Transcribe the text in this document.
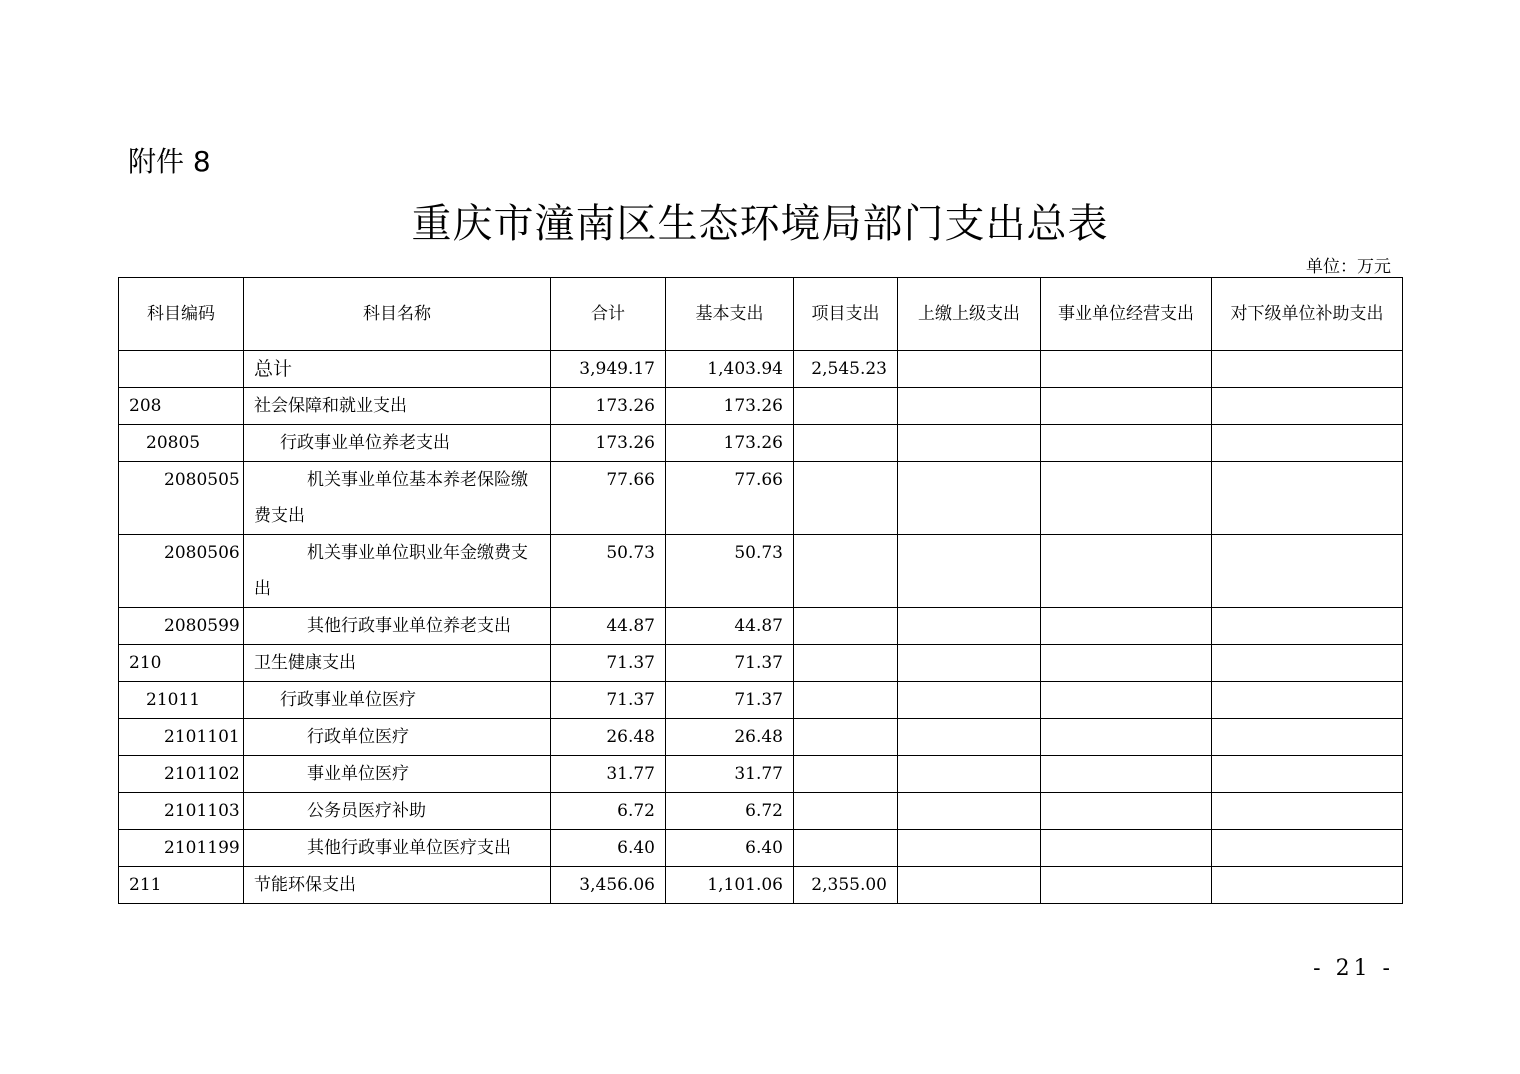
附件 8
重庆市潼南区生态环境局部门支出总表
单位：万元
科目编码	科目名称	合计	基本支出	项目支出	上缴上级支出	事业单位经营支出	对下级单位补助支出
	总计	3,949.17	1,403.94	2,545.23			
208	社会保障和就业支出	173.26	173.26				
20805	行政事业单位养老支出	173.26	173.26				
2080505	机关事业单位基本养老保险缴费支出	77.66	77.66				
2080506	机关事业单位职业年金缴费支出	50.73	50.73				
2080599	其他行政事业单位养老支出	44.87	44.87				
210	卫生健康支出	71.37	71.37				
21011	行政事业单位医疗	71.37	71.37				
2101101	行政单位医疗	26.48	26.48				
2101102	事业单位医疗	31.77	31.77				
2101103	公务员医疗补助	6.72	6.72				
2101199	其他行政事业单位医疗支出	6.40	6.40				
211	节能环保支出	3,456.06	1,101.06	2,355.00			
- 21 -
